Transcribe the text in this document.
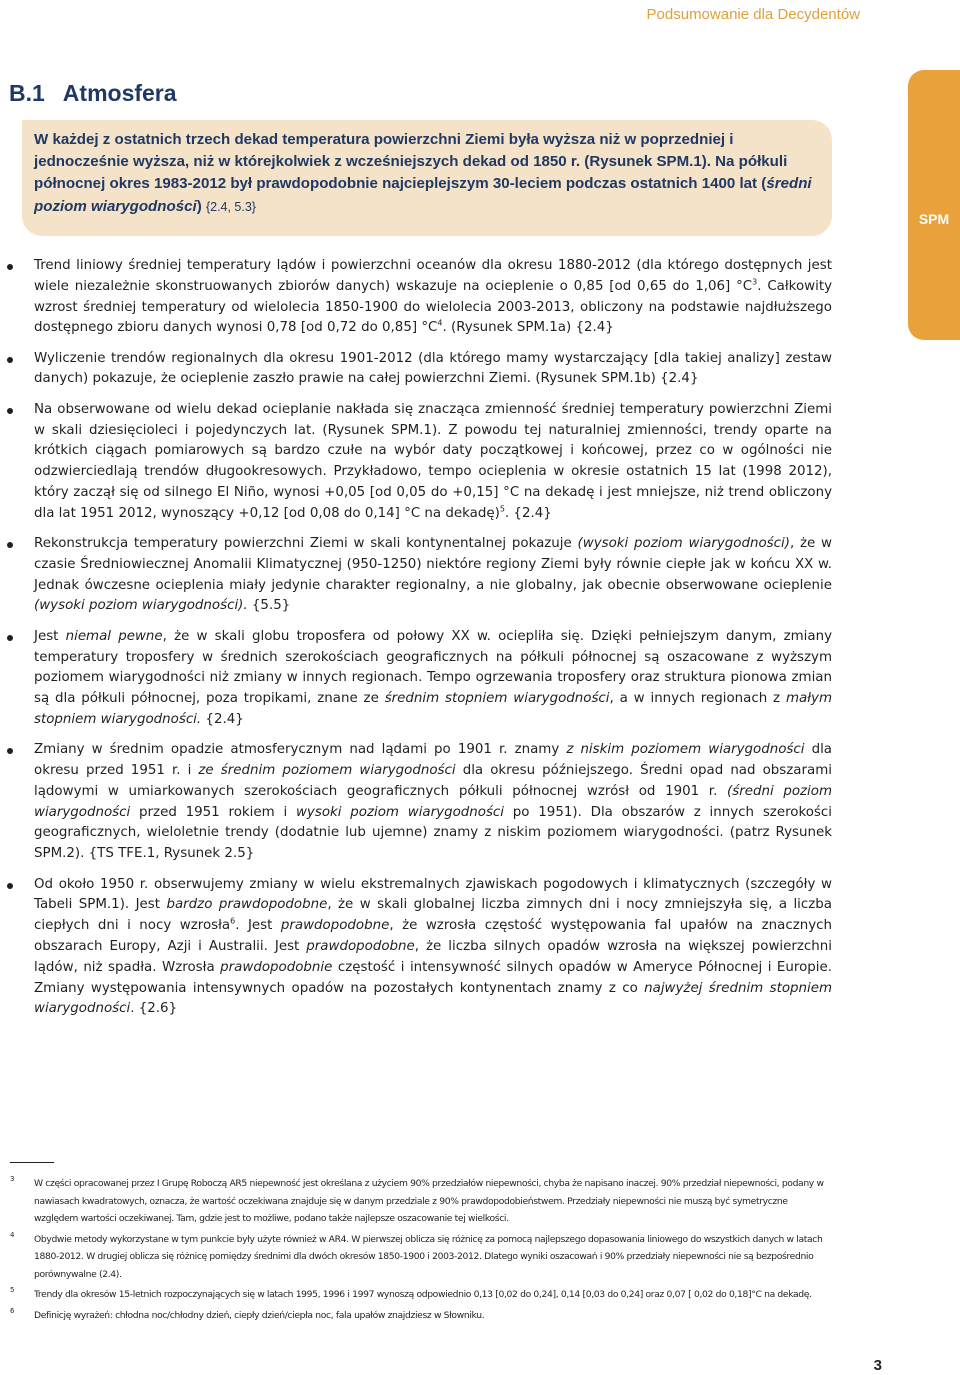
Podsumowanie dla Decydentów
B.1 Atmosfera
W każdej z ostatnich trzech dekad temperatura powierzchni Ziemi była wyższa niż w poprzedniej i jednocześnie wyższa, niż w którejkolwiek z wcześniejszych dekad od 1850 r. (Rysunek SPM.1). Na półkuli północnej okres 1983-2012 był prawdopodobnie najcieplejszym 30-leciem podczas ostatnich 1400 lat (średni poziom wiarygodności) {2.4, 5.3}
SPM

Trend liniowy średniej temperatury lądów i powierzchni oceanów dla okresu 1880-2012 (dla którego dostępnych jest wiele niezależnie skonstruowanych zbiorów danych) wskazuje na ocieplenie o 0,85 [od 0,65 do 1,06] $^\circ C^3$. Całkowity wzrost średniej temperatury od wielolecia 1850-1900 do wielolecia 2003-2013, obliczony na podstawie najdłuższego dostępnego zbioru danych wynosi 0,78 [od 0,72 do 0,85] $^\circ C^4$. (Rysunek SPM.1a) {2.4}

Wyliczenie trendów regionalnych dla okresu 1901-2012 (dla którego mamy wystarczający [dla takiej analizy] zestaw danych) pokazuje, że ocieplenie zaszło prawie na całej powierzchni Ziemi. (Rysunek SPM.1b) {2.4}

Na obserwowane od wielu dekad ocieplanie nakłada się znacząca zmienność średniej temperatury powierzchni Ziemi w skali dziesięcioleci i pojedynczych lat. (Rysunek SPM.1). Z powodu tej naturalniej zmienności, trendy oparte na krótkich ciągach pomiarowych są bardzo czułe na wybór daty początkowej i końcowej, przez co w ogólności nie odzwierciedlają trendów długookresowych. Przykładowo, tempo ocieplenia w okresie ostatnich 15 lat (1998 2012), który zaczął się od silnego El Niño, wynosi +0,05 [od 0,05 do +0,15] °C na dekadę i jest mniejsze, niż trend obliczony dla lat 1951 2012, wynoszący +0,12 [od 0,08 do 0,14] °C na dekadę)$^5$. {2.4}

Rekonstrukcja temperatury powierzchni Ziemi w skali kontynentalnej pokazuje (wysoki poziom wiarygodności), że w czasie Średniowiecznej Anomalii Klimatycznej (950-1250) niektóre regiony Ziemi były równie ciepłe jak w końcu XX w. Jednak ówczesne ocieplenia miały jedynie charakter regionalny, a nie globalny, jak obecnie obserwowane ocieplenie (wysoki poziom wiarygodności). {5.5}

Jest niemal pewne, że w skali globu troposfera od połowy XX w. ociepliła się. Dzięki pełniejszym danym, zmiany temperatury troposfery w średnich szerokościach geograficznych na półkuli północnej są oszacowane z wyższym poziomem wiarygodności niż zmiany w innych regionach. Tempo ogrzewania troposfery oraz struktura pionowa zmian są dla półkuli północnej, poza tropikami, znane ze średnim stopniem wiarygodności, a w innych regionach z małym stopniem wiarygodności. {2.4}

Zmiany w średnim opadzie atmosferycznym nad lądami po 1901 r. znamy z niskim poziomem wiarygodności dla okresu przed 1951 r. i ze średnim poziomem wiarygodności dla okresu późniejszego. Średni opad nad obszarami lądowymi w umiarkowanych szerokościach geograficznych półkuli północnej wzrósł od 1901 r. (średni poziom wiarygodności przed 1951 rokiem i wysoki poziom wiarygodności po 1951). Dla obszarów z innych szerokości geograficznych, wieloletnie trendy (dodatnie lub ujemne) znamy z niskim poziomem wiarygodności. (patrz Rysunek SPM.2). {TS TFE.1, Rysunek 2.5}

Od około 1950 r. obserwujemy zmiany w wielu ekstremalnych zjawiskach pogodowych i klimatycznych (szczegóły w Tabeli SPM.1). Jest bardzo prawdopodobne, że w skali globalnej liczba zimnych dni i nocy zmniejszyła się, a liczba ciepłych dni i nocy wzrosła$^6$. Jest prawdopodobne, że wzrosła częstość występowania fal upałów na znacznych obszarach Europy, Azji i Australii. Jest prawdopodobne, że liczba silnych opadów wzrosła na większej powierzchni lądów, niż spadła. Wzrosła prawdopodobnie częstość i intensywność silnych opadów w Ameryce Północnej i Europie. Zmiany występowania intensywnych opadów na pozostałych kontynentach znamy z co najwyżej średnim stopniem wiarygodności. {2.6}

3 W części opracowanej przez I Grupę Roboczą AR5 niepewność jest określana z użyciem 90% przedziałów niepewności, chyba że napisano inaczej. 90% przedział niepewności, podany w nawiasach kwadratowych, oznacza, że wartość oczekiwana znajduje się w danym przedziale z 90% prawdopodobieństwem. Przedziały niepewności nie muszą być symetryczne względem wartości oczekiwanej. Tam, gdzie jest to możliwe, podano także najlepsze oszacowanie tej wielkości.
4 Obydwie metody wykorzystane w tym punkcie były użyte również w AR4. W pierwszej oblicza się różnicę za pomocą najlepszego dopasowania liniowego do wszystkich danych w latach 1880-2012. W drugiej oblicza się różnicę pomiędzy średnimi dla dwóch okresów 1850-1900 i 2003-2012. Dlatego wyniki oszacowań i 90% przedziały niepewności nie są bezpośrednio porównywalne (2.4).
5 Trendy dla okresów 15-letnich rozpoczynających się w latach 1995, 1996 i 1997 wynoszą odpowiednio 0,13 [0,02 do 0,24], 0,14 [0,03 do 0,24] oraz 0,07 [ 0,02 do 0,18]°C na dekadę.
6 Definicję wyrażeń: chłodna noc/chłodny dzień, ciepły dzień/ciepła noc, fala upałów znajdziesz w Słowniku.
3
